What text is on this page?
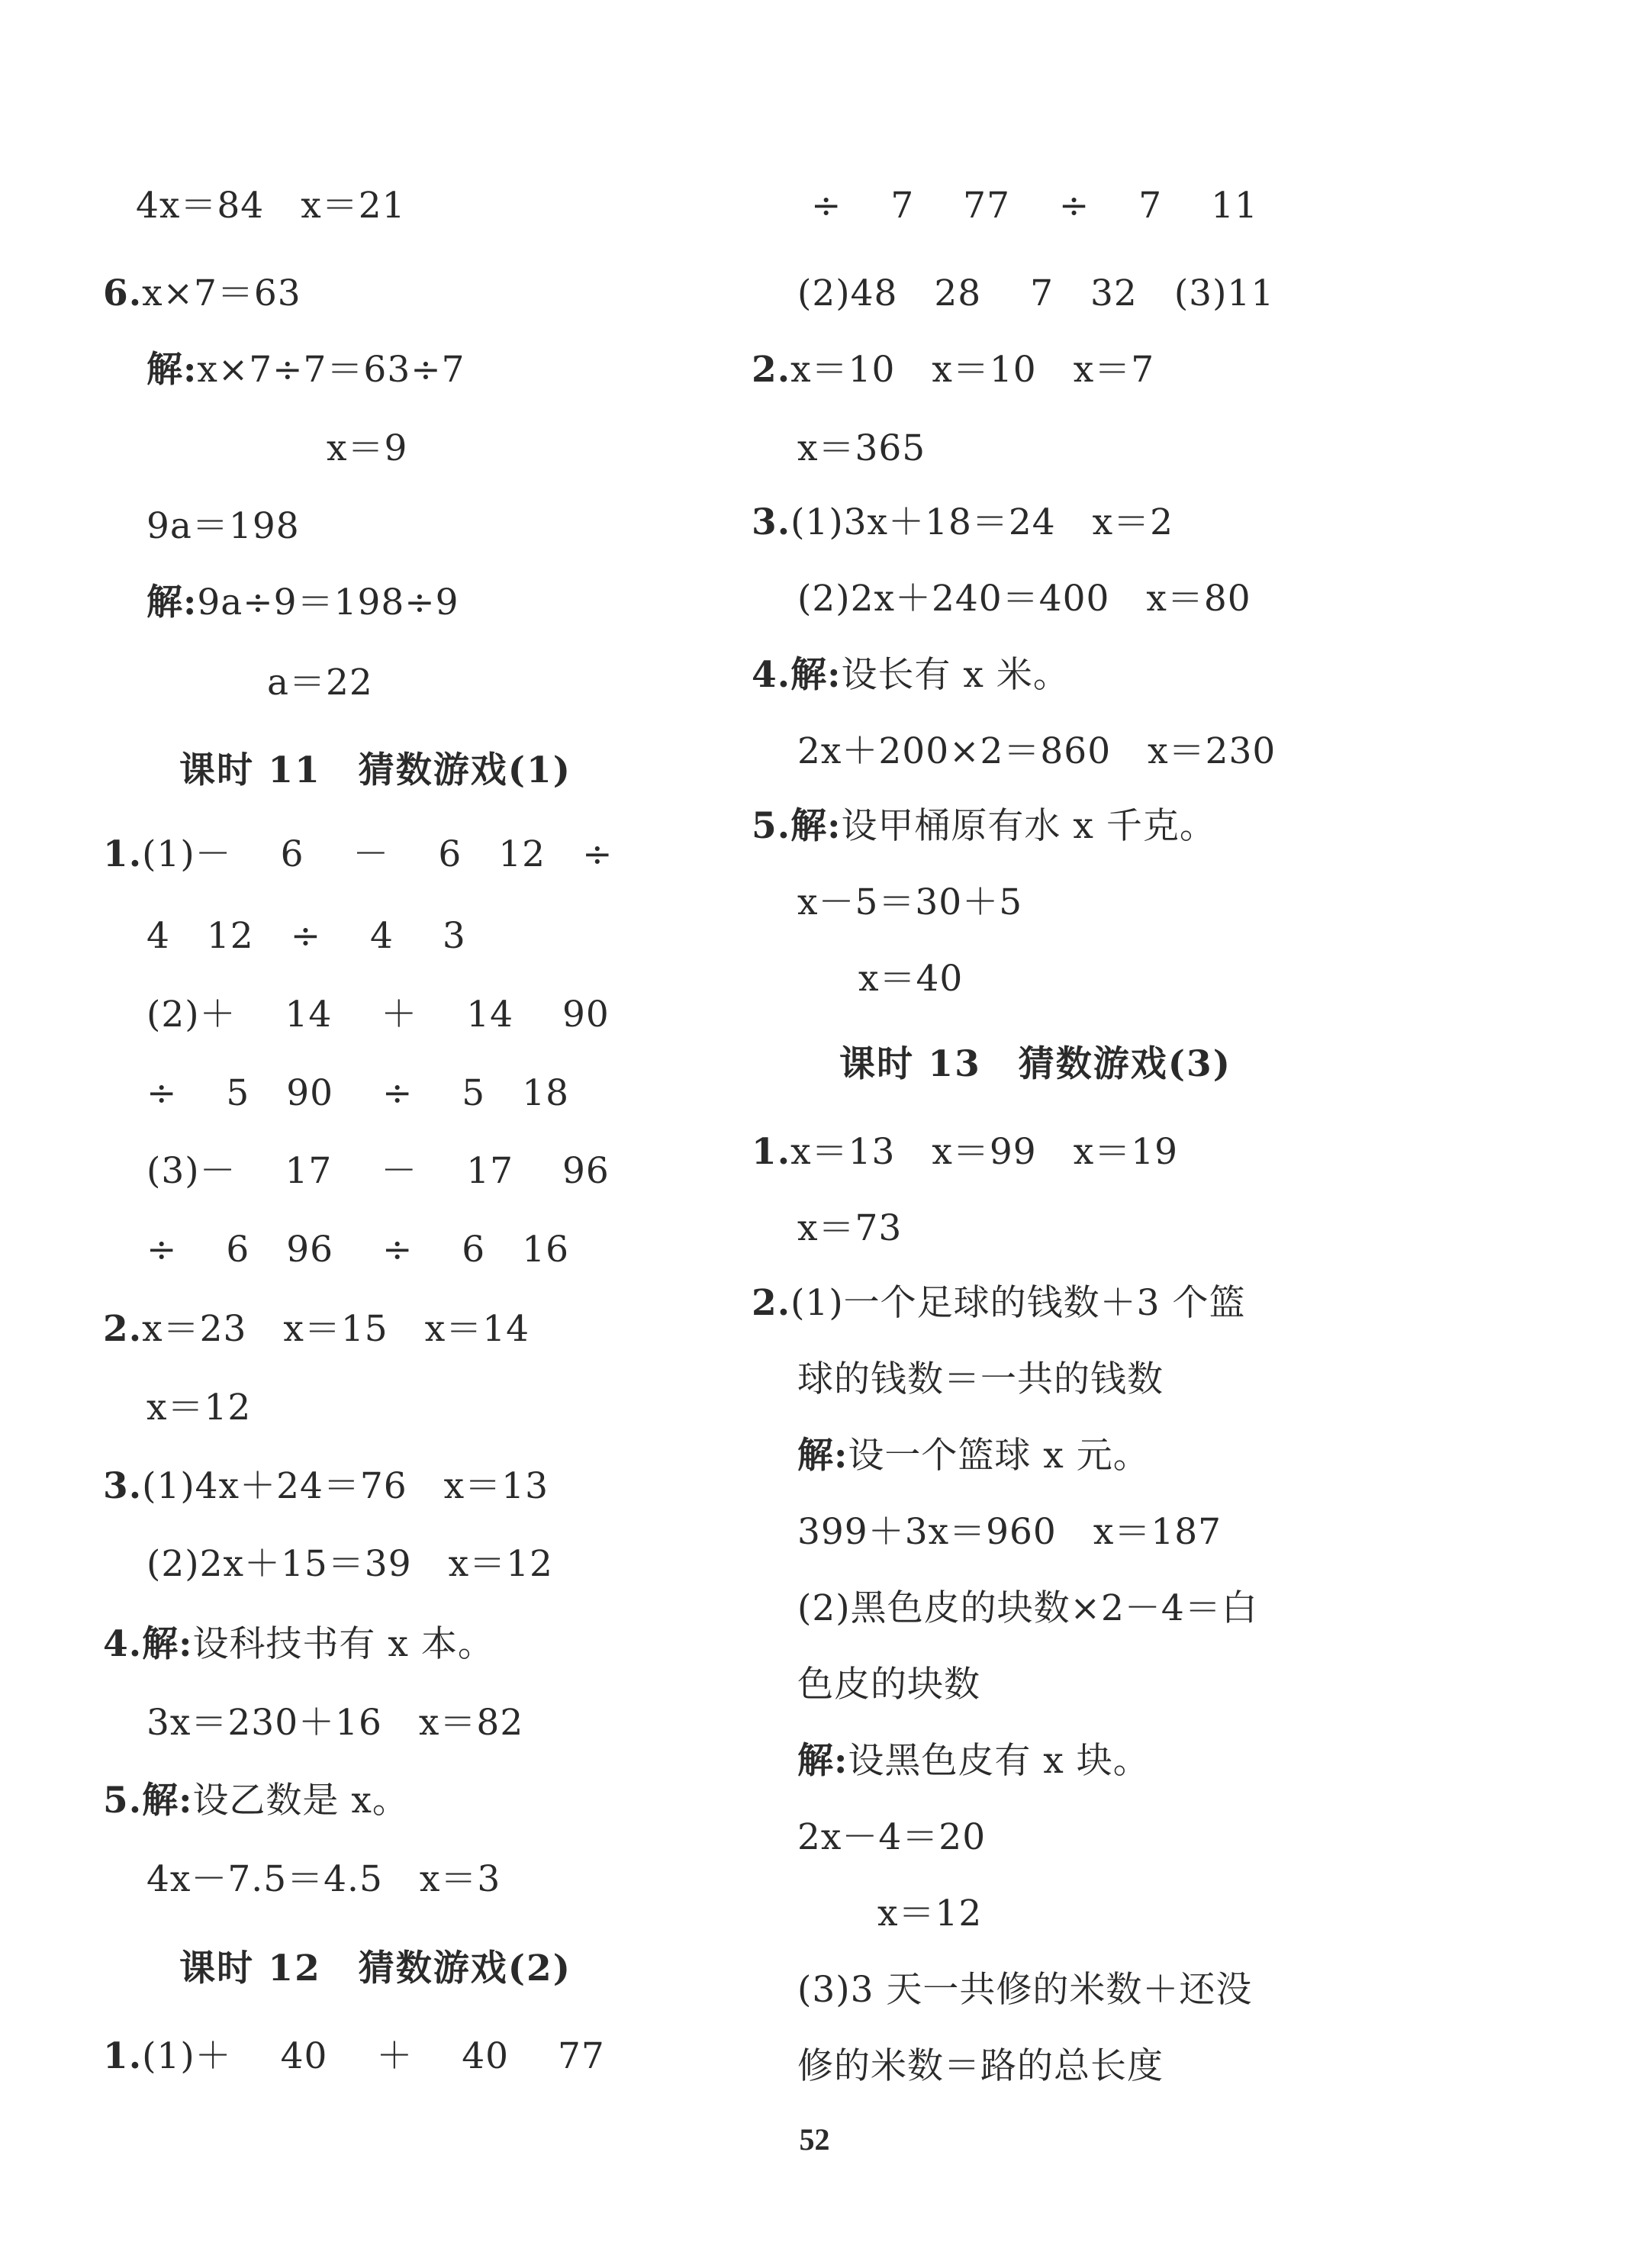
4x＝84　x＝21
6.x×7＝63
解:x×7÷7＝63÷7
x＝9
9a＝198
解:9a÷9＝198÷9
a＝22
课时 11　猜数游戏(1)
1.(1)－　 6　 －　 6　12　÷
4　12　÷　 4　 3
(2)＋　 14　 ＋　 14　 90
÷　 5　90　 ÷　 5　18
(3)－　 17　 －　 17　 96
÷　 6　96　 ÷　 6　16
2.x＝23　x＝15　x＝14
x＝12
3.(1)4x＋24＝76　x＝13
(2)2x＋15＝39　x＝12
4.解:设科技书有 x 本。
3x＝230＋16　x＝82
5.解:设乙数是 x。
4x－7.5＝4.5　x＝3
课时 12　猜数游戏(2)
1.(1)＋　 40　 ＋　 40　 77
÷　 7　 77　 ÷　 7　 11
(2)48　28　 7　32　(3)11
2.x＝10　x＝10　x＝7
x＝365
3.(1)3x＋18＝24　x＝2
(2)2x＋240＝400　x＝80
4.解:设长有 x 米。
2x＋200×2＝860　x＝230
5.解:设甲桶原有水 x 千克。
x－5＝30＋5
x＝40
课时 13　猜数游戏(3)
1.x＝13　x＝99　x＝19
x＝73
2.(1)一个足球的钱数＋3 个篮
球的钱数＝一共的钱数
解:设一个篮球 x 元。
399＋3x＝960　x＝187
(2)黑色皮的块数×2－4＝白
色皮的块数
解:设黑色皮有 x 块。
2x－4＝20
x＝12
(3)3 天一共修的米数＋还没
修的米数＝路的总长度
52
